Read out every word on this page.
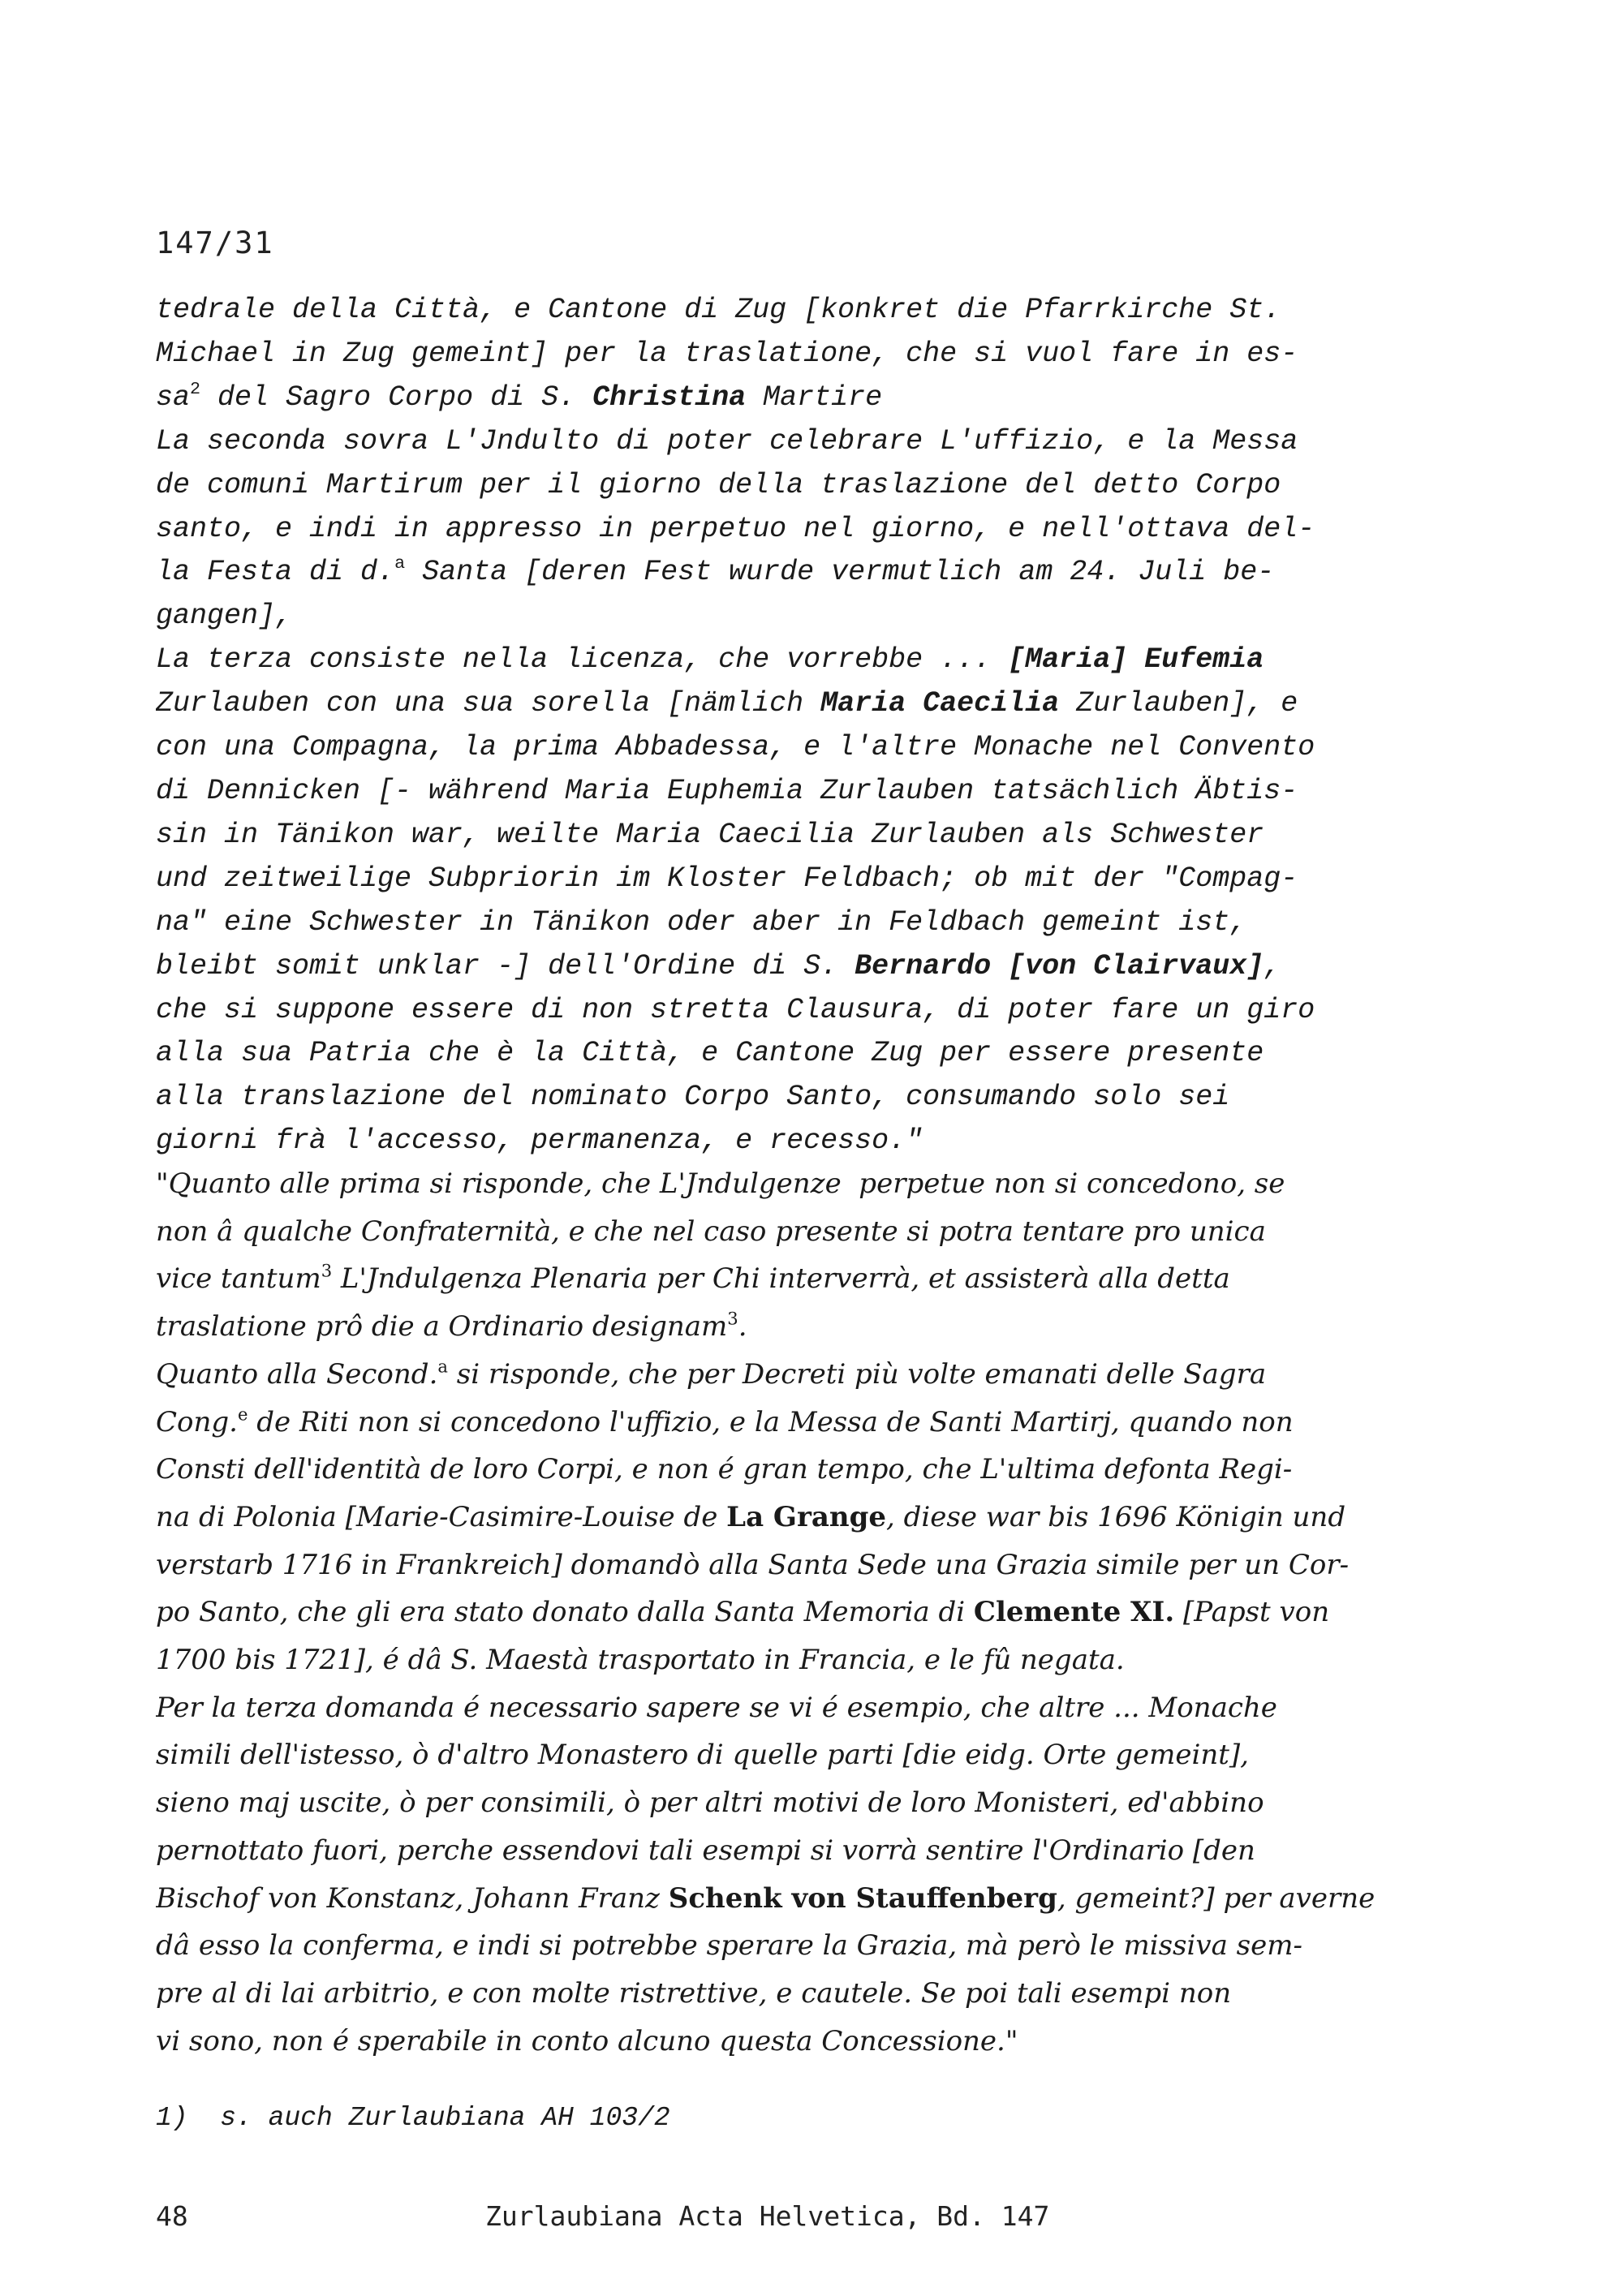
147/31
tedrale della Città, e Cantone di Zug [konkret die Pfarrkirche St.
Michael in Zug gemeint] per la traslatione, che si vuol fare in es-
$sa^2$ del Sagro Corpo di S. Christina Martire
La seconda sovra L'Jndulto di poter celebrare L'uffizio, e la Messa
de comuni Martirum per il giorno della traslazione del detto Corpo
santo, e indi in appresso in perpetuo nel giorno, e nell'ottava del-
la Festa di d.$^a$ Santa [deren Fest wurde vermutlich am 24. Juli be-
gangen],
La terza consiste nella licenza, che vorrebbe ... [Maria] Eufemia
Zurlauben con una sua sorella [nämlich Maria Caecilia Zurlauben], e
con una Compagna, la prima Abbadessa, e l'altre Monache nel Convento
di Dennicken [- während Maria Euphemia Zurlauben tatsächlich Äbtis-
sin in Tänikon war, weilte Maria Caecilia Zurlauben als Schwester
und zeitweilige Subpriorin im Kloster Feldbach; ob mit der "Compag-
na" eine Schwester in Tänikon oder aber in Feldbach gemeint ist,
bleibt somit unklar -] dell'Ordine di S. Bernardo [von Clairvaux],
che si suppone essere di non stretta Clausura, di poter fare un giro
alla sua Patria che è la Città, e Cantone Zug per essere presente
alla translazione del nominato Corpo Santo, consumando solo sei
giorni frà l'accesso, permanenza, e recesso."
"Quanto alle prima si risponde, che L'Jndulgenze  perpetue non si concedono, se
non â qualche Confraternità, e che nel caso presente si potra tentare pro unica
vice tantum$^3$ L'Jndulgenza Plenaria per Chi interverrà, et assisterà alla detta
traslatione prô die a Ordinario designam$^3$.
Quanto alla Second.$^a$ si risponde, che per Decreti più volte emanati delle Sagra
Cong.$^e$ de Riti non si concedono l'uffizio, e la Messa de Santi Martirj, quando non
Consti dell'identità de loro Corpi, e non é gran tempo, che L'ultima defonta Regi-
na di Polonia [Marie-Casimire-Louise de La Grange, diese war bis 1696 Königin und
verstarb 1716 in Frankreich] domandò alla Santa Sede una Grazia simile per un Cor-
po Santo, che gli era stato donato dalla Santa Memoria di Clemente XI. [Papst von
1700 bis 1721], é dâ S. Maestà trasportato in Francia, e le fû negata.
Per la terza domanda é necessario sapere se vi é esempio, che altre ... Monache
simili dell'istesso, ò d'altro Monastero di quelle parti [die eidg. Orte gemeint],
sieno maj uscite, ò per consimili, ò per altri motivi de loro Monisteri, ed'abbino
pernottato fuori, perche essendovi tali esempi si vorrà sentire l'Ordinario [den
Bischof von Konstanz, Johann Franz Schenk von Stauffenberg, gemeint?] per averne
dâ esso la conferma, e indi si potrebbe sperare la Grazia, mà però le missiva sem-
pre al di lai arbitrio, e con molte ristrettive, e cautele. Se poi tali esempi non
vi sono, non é sperabile in conto alcuno questa Concessione."
1)  s. auch Zurlaubiana AH 103/2
48	Zurlaubiana Acta Helvetica, Bd. 147
